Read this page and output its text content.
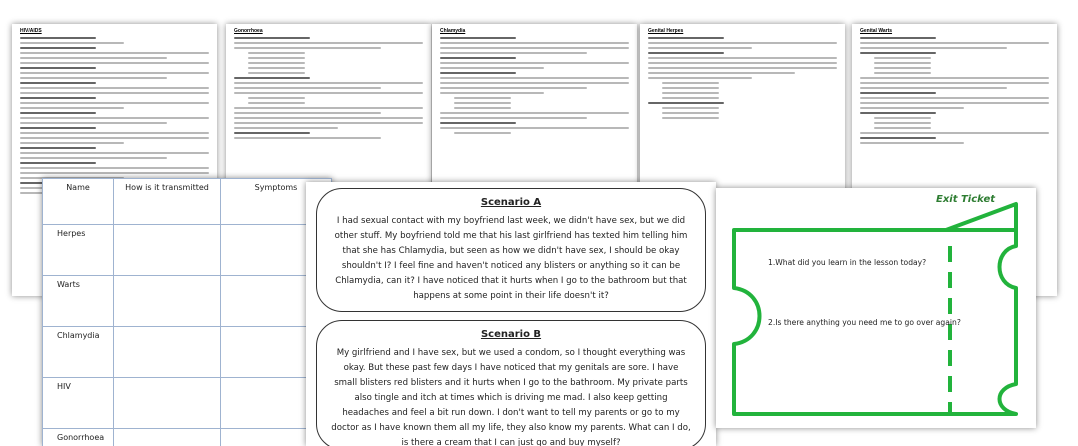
HIV/AIDS	Gonorrhoea	Chlamydia	Genital Herpes	Genital Warts
Name	How is it transmitted	Symptoms
Herpes		
Warts		
Chlamydia		
HIV		
Gonorrhoea		
Scenario A
I had sexual contact with my boyfriend last week, we didn't have sex, but we did other stuff. My boyfriend told me that his last girlfriend has texted him telling him that she has Chlamydia, but seen as how we didn't have sex, I should be okay shouldn't I? I feel fine and haven't noticed any blisters or anything so it can be Chlamydia, can it? I have noticed that it hurts when I go to the bathroom but that happens at some point in their life doesn't it?
Scenario B
My girlfriend and I have sex, but we used a condom, so I thought everything was okay. But these past few days I have noticed that my genitals are sore. I have small blisters red blisters and it hurts when I go to the bathroom. My private parts also tingle and itch at times which is driving me mad. I also keep getting headaches and feel a bit run down. I don't want to tell my parents or go to my doctor as I have known them all my life, they also know my parents. What can I do, is there a cream that I can just go and buy myself?
Exit Ticket
1.What did you learn in the lesson today?
2.Is there anything you need me to go over again?
